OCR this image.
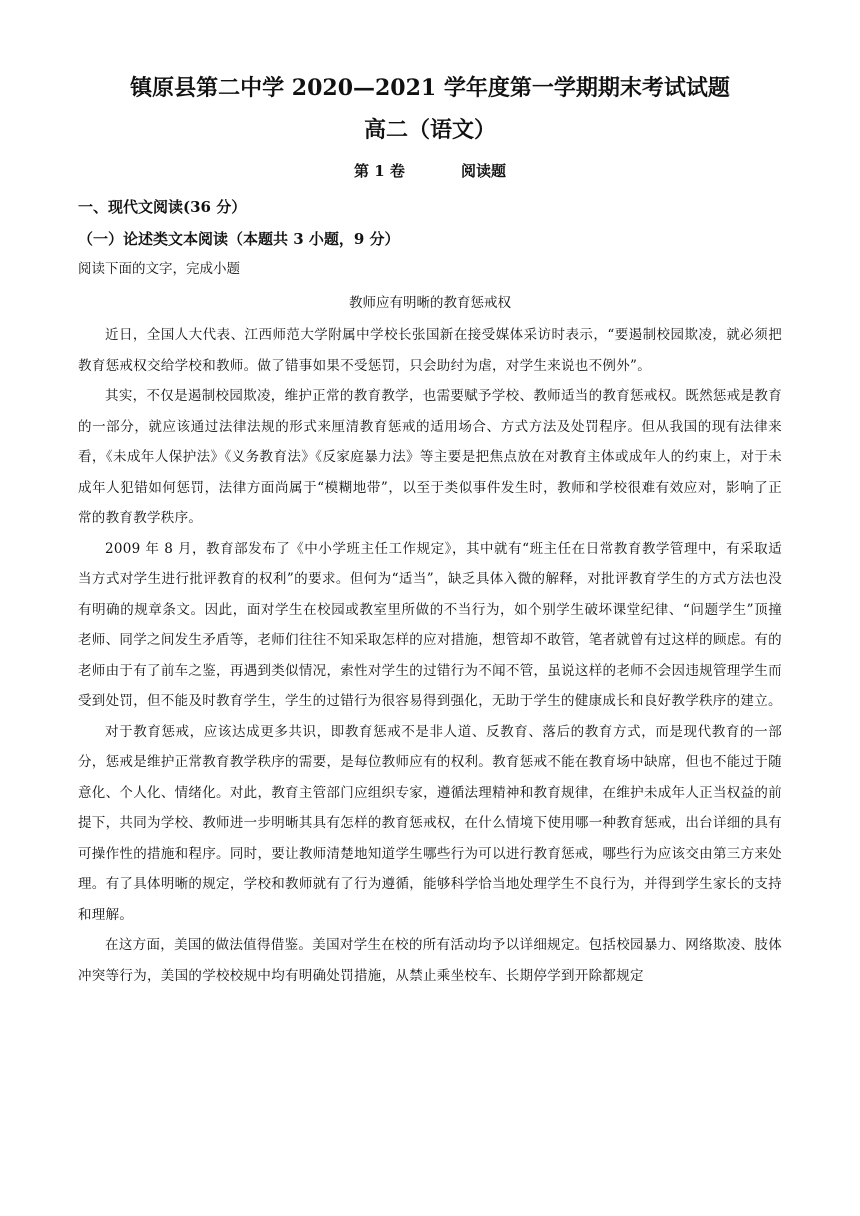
镇原县第二中学 2020—2021 学年度第一学期期末考试试题
高二（语文）
第 1 卷	阅读题
一、现代文阅读(36 分）
（一）论述类文本阅读（本题共 3 小题，9 分）
阅读下面的文字，完成小题
教师应有明晰的教育惩戒权

近日，全国人大代表、江西师范大学附属中学校长张国新在接受媒体采访时表示，“要遏制校园欺凌，就必须把教育惩戒权交给学校和教师。做了错事如果不受惩罚，只会助纣为虐，对学生来说也不例外”。

其实，不仅是遏制校园欺凌，维护正常的教育教学，也需要赋予学校、教师适当的教育惩戒权。既然惩戒是教育的一部分，就应该通过法律法规的形式来厘清教育惩戒的适用场合、方式方法及处罚程序。但从我国的现有法律来看，《未成年人保护法》《义务教育法》《反家庭暴力法》等主要是把焦点放在对教育主体或成年人的约束上，对于未成年人犯错如何惩罚，法律方面尚属于“模糊地带”，以至于类似事件发生时，教师和学校很难有效应对，影响了正常的教育教学秩序。

2009 年 8 月，教育部发布了《中小学班主任工作规定》，其中就有“班主任在日常教育教学管理中，有采取适当方式对学生进行批评教育的权利”的要求。但何为“适当”，缺乏具体入微的解释，对批评教育学生的方式方法也没有明确的规章条文。因此，面对学生在校园或教室里所做的不当行为，如个别学生破坏课堂纪律、“问题学生”顶撞老师、同学之间发生矛盾等，老师们往往不知采取怎样的应对措施，想管却不敢管，笔者就曾有过这样的顾虑。有的老师由于有了前车之鉴，再遇到类似情况，索性对学生的过错行为不闻不管，虽说这样的老师不会因违规管理学生而受到处罚，但不能及时教育学生，学生的过错行为很容易得到强化，无助于学生的健康成长和良好教学秩序的建立。

对于教育惩戒，应该达成更多共识，即教育惩戒不是非人道、反教育、落后的教育方式，而是现代教育的一部分，惩戒是维护正常教育教学秩序的需要，是每位教师应有的权利。教育惩戒不能在教育场中缺席，但也不能过于随意化、个人化、情绪化。对此，教育主管部门应组织专家，遵循法理精神和教育规律，在维护未成年人正当权益的前提下，共同为学校、教师进一步明晰其具有怎样的教育惩戒权，在什么情境下使用哪一种教育惩戒，出台详细的具有可操作性的措施和程序。同时，要让教师清楚地知道学生哪些行为可以进行教育惩戒，哪些行为应该交由第三方来处理。有了具体明晰的规定，学校和教师就有了行为遵循，能够科学恰当地处理学生不良行为，并得到学生家长的支持和理解。

在这方面，美国的做法值得借鉴。美国对学生在校的所有活动均予以详细规定。包括校园暴力、网络欺凌、肢体冲突等行为，美国的学校校规中均有明确处罚措施，从禁止乘坐校车、长期停学到开除都规定
